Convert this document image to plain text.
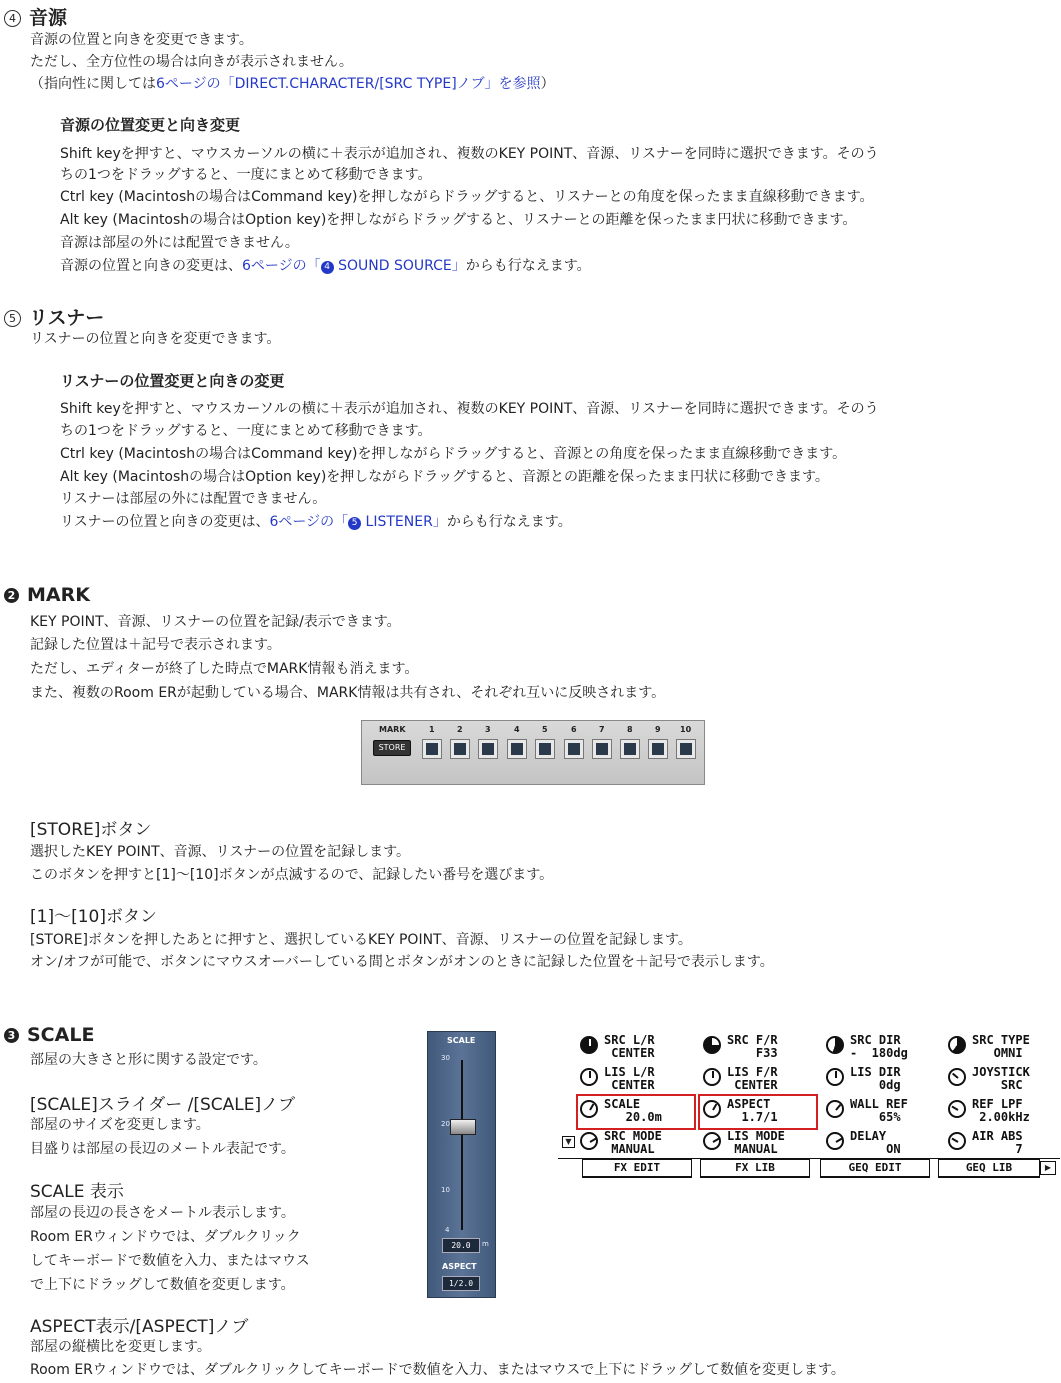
4 音源
音源の位置と向きを変更できます。
ただし、全方位性の場合は向きが表示されません。
（指向性に関しては6ページの「DIRECT.CHARACTER/[SRC TYPE]ノブ」を参照）
音源の位置変更と向き変更
Shift keyを押すと、マウスカーソルの横に＋表示が追加され、複数のKEY POINT、音源、リスナーを同時に選択できます。そのう
ちの1つをドラッグすると、一度にまとめて移動できます。
Ctrl key (Macintoshの場合はCommand key)を押しながらドラッグすると、リスナーとの角度を保ったまま直線移動できます。
Alt key (Macintoshの場合はOption key)を押しながらドラッグすると、リスナーとの距離を保ったまま円状に移動できます。
音源は部屋の外には配置できません。
音源の位置と向きの変更は、6ページの「 4 SOUND SOURCE」からも行なえます。
5 リスナー
リスナーの位置と向きを変更できます。
リスナーの位置変更と向きの変更
Shift keyを押すと、マウスカーソルの横に＋表示が追加され、複数のKEY POINT、音源、リスナーを同時に選択できます。そのう
ちの1つをドラッグすると、一度にまとめて移動できます。
Ctrl key (Macintoshの場合はCommand key)を押しながらドラッグすると、音源との角度を保ったまま直線移動できます。
Alt key (Macintoshの場合はOption key)を押しながらドラッグすると、音源との距離を保ったまま円状に移動できます。
リスナーは部屋の外には配置できません。
リスナーの位置と向きの変更は、6ページの「 5 LISTENER」からも行なえます。
2 MARK
KEY POINT、音源、リスナーの位置を記録/表示できます。
記録した位置は＋記号で表示されます。
ただし、エディターが終了した時点でMARK情報も消えます。
また、複数のRoom ERが起動している場合、MARK情報は共有され、それぞれ互いに反映されます。
MARK
STORE
1	2	3	4	5	6	7	8	9 10
[STORE]ボタン
選択したKEY POINT、音源、リスナーの位置を記録します。
このボタンを押すと[1]～[10]ボタンが点滅するので、記録したい番号を選びます。
[1]～[10]ボタン
[STORE]ボタンを押したあとに押すと、選択しているKEY POINT、音源、リスナーの位置を記録します。
オン/オフが可能で、ボタンにマウスオーバーしている間とボタンがオンのときに記録した位置を＋記号で表示します。
3 SCALE
部屋の大きさと形に関する設定です。
[SCALE]スライダー /[SCALE]ノブ
部屋のサイズを変更します。
目盛りは部屋の長辺のメートル表記です。
SCALE 表示
部屋の長辺の長さをメートル表示します。
Room ERウィンドウでは、ダブルクリック
してキーボードで数値を入力、またはマウス
で上下にドラッグして数値を変更します。
ASPECT表示/[ASPECT]ノブ
部屋の縦横比を変更します。
Room ERウィンドウでは、ダブルクリックしてキーボードで数値を入力、またはマウスで上下にドラッグして数値を変更します。
SCALE
30
20
10
4
20.0	m
ASPECT
1/2.0
SRC L/R
CENTER
SRC F/R
F33
SRC DIR
-  180dg
SRC TYPE
OMNI
LIS L/R
CENTER
LIS F/R
CENTER
LIS DIR
0dg
JOYSTICK
SRC
SCALE
20.0m
ASPECT
1.7/1
WALL REF
65%
REF LPF
2.00kHz
SRC MODE
MANUAL
LIS MODE
MANUAL
DELAY
ON
AIR ABS
7
▼
FX EDIT	FX LIB	GEQ EDIT	GEQ LIB	▶
